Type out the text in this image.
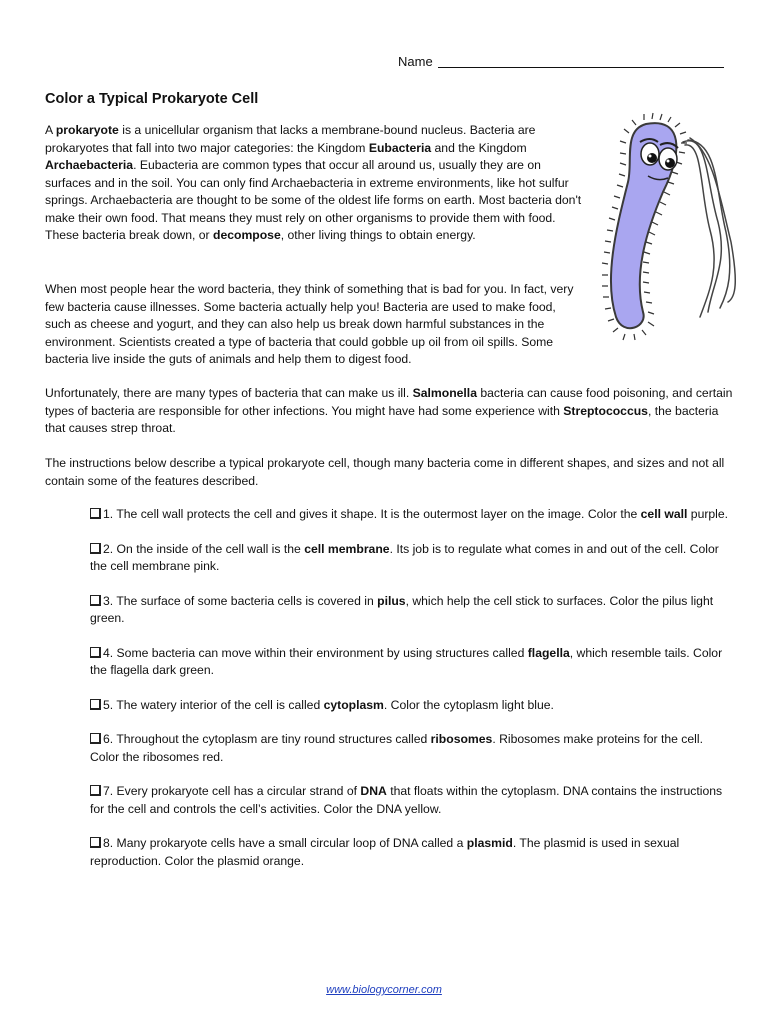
Name
Color a Typical Prokaryote Cell

A prokaryote is a unicellular organism that lacks a membrane-bound nucleus. Bacteria are prokaryotes that fall into two major categories: the Kingdom Eubacteria and the Kingdom Archaebacteria. Eubacteria are common types that occur all around us, usually they are on surfaces and in the soil. You can only find Archaebacteria in extreme environments, like hot sulfur springs. Archaebacteria are thought to be some of the oldest life forms on earth. Most bacteria don't make their own food. That means they must rely on other organisms to provide them with food. These bacteria break down, or decompose, other living things to obtain energy.

When most people hear the word bacteria, they think of something that is bad for you. In fact, very few bacteria cause illnesses. Some bacteria actually help you! Bacteria are used to make food, such as cheese and yogurt, and they can also help us break down harmful substances in the environment. Scientists created a type of bacteria that could gobble up oil from oil spills. Some bacteria live inside the guts of animals and help them to digest food.

Unfortunately, there are many types of bacteria that can make us ill. Salmonella bacteria can cause food poisoning, and certain types of bacteria are responsible for other infections. You might have had some experience with Streptococcus, the bacteria that causes strep throat.

The instructions below describe a typical prokaryote cell, though many bacteria come in different shapes, and sizes and not all contain some of the features described.

1. The cell wall protects the cell and gives it shape. It is the outermost layer on the image. Color the cell wall purple.
2. On the inside of the cell wall is the cell membrane. Its job is to regulate what comes in and out of the cell. Color the cell membrane pink.
3. The surface of some bacteria cells is covered in pilus, which help the cell stick to surfaces. Color the pilus light green.
4. Some bacteria can move within their environment by using structures called flagella, which resemble tails. Color the flagella dark green.
5. The watery interior of the cell is called cytoplasm. Color the cytoplasm light blue.
6. Throughout the cytoplasm are tiny round structures called ribosomes. Ribosomes make proteins for the cell. Color the ribosomes red.
7. Every prokaryote cell has a circular strand of DNA that floats within the cytoplasm. DNA contains the instructions for the cell and controls the cell’s activities. Color the DNA yellow.
8. Many prokaryote cells have a small circular loop of DNA called a plasmid. The plasmid is used in sexual reproduction. Color the plasmid orange.
www.biologycorner.com
